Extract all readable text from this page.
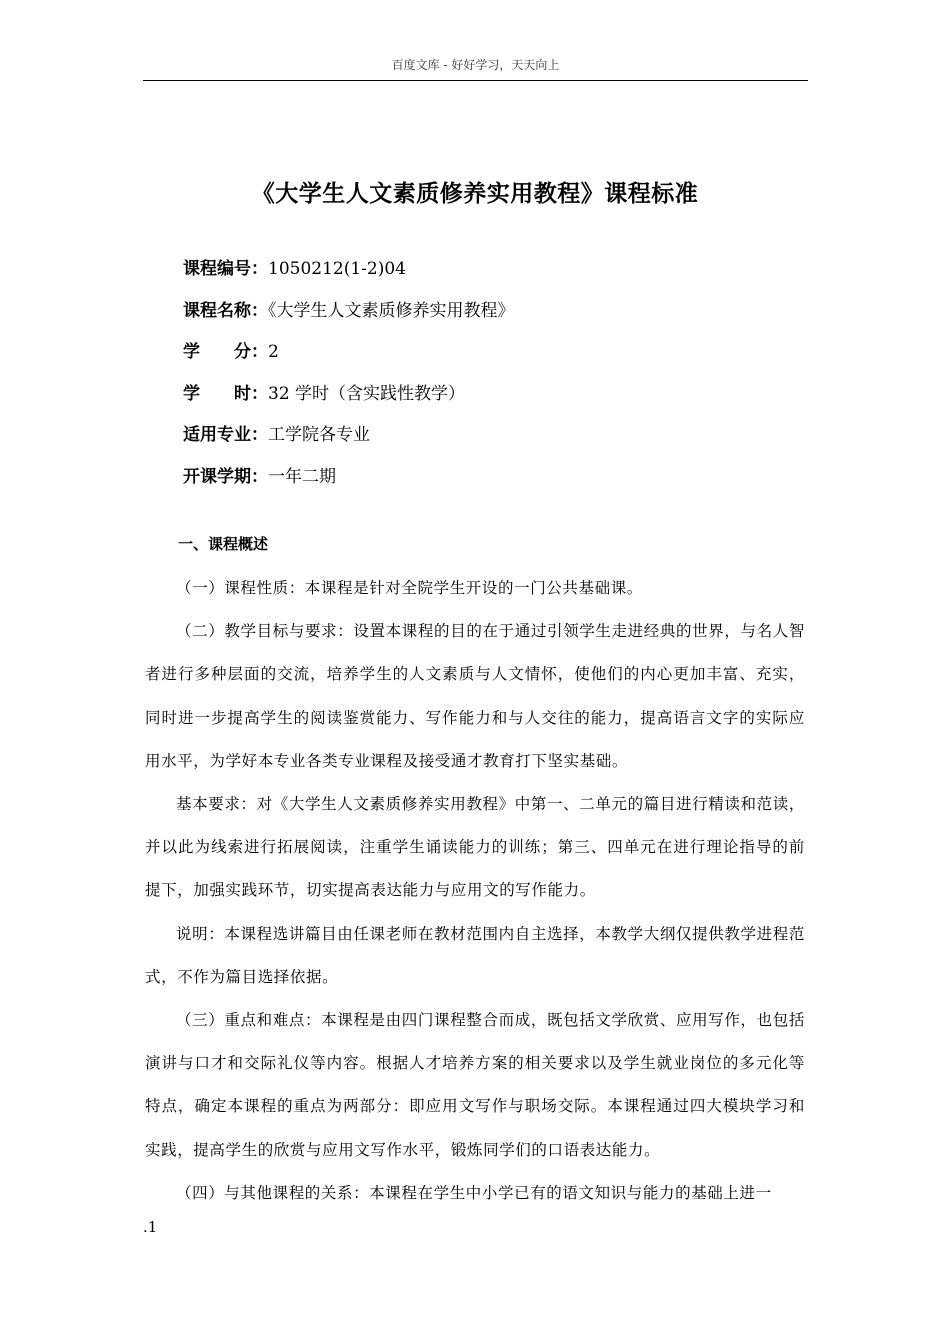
百度文库 - 好好学习，天天向上
《大学生人文素质修养实用教程》课程标准
课程编号：1050212(1-2)04
课程名称：《大学生人文素质修养实用教程》
学　　分：2
学　　时：32 学时（含实践性教学）
适用专业：工学院各专业
开课学期：一年二期
一、课程概述

（一）课程性质：本课程是针对全院学生开设的一门公共基础课。

（二）教学目标与要求：设置本课程的目的在于通过引领学生走进经典的世界，与名人智者进行多种层面的交流，培养学生的人文素质与人文情怀，使他们的内心更加丰富、充实，同时进一步提高学生的阅读鉴赏能力、写作能力和与人交往的能力，提高语言文字的实际应用水平，为学好本专业各类专业课程及接受通才教育打下坚实基础。

基本要求：对《大学生人文素质修养实用教程》中第一、二单元的篇目进行精读和范读，并以此为线索进行拓展阅读，注重学生诵读能力的训练；第三、四单元在进行理论指导的前提下，加强实践环节，切实提高表达能力与应用文的写作能力。

说明：本课程选讲篇目由任课老师在教材范围内自主选择，本教学大纲仅提供教学进程范式，不作为篇目选择依据。

（三）重点和难点：本课程是由四门课程整合而成，既包括文学欣赏、应用写作，也包括演讲与口才和交际礼仪等内容。根据人才培养方案的相关要求以及学生就业岗位的多元化等特点，确定本课程的重点为两部分：即应用文写作与职场交际。本课程通过四大模块学习和实践，提高学生的欣赏与应用文写作水平，锻炼同学们的口语表达能力。

（四）与其他课程的关系：本课程在学生中小学已有的语文知识与能力的基础上进一

.1
